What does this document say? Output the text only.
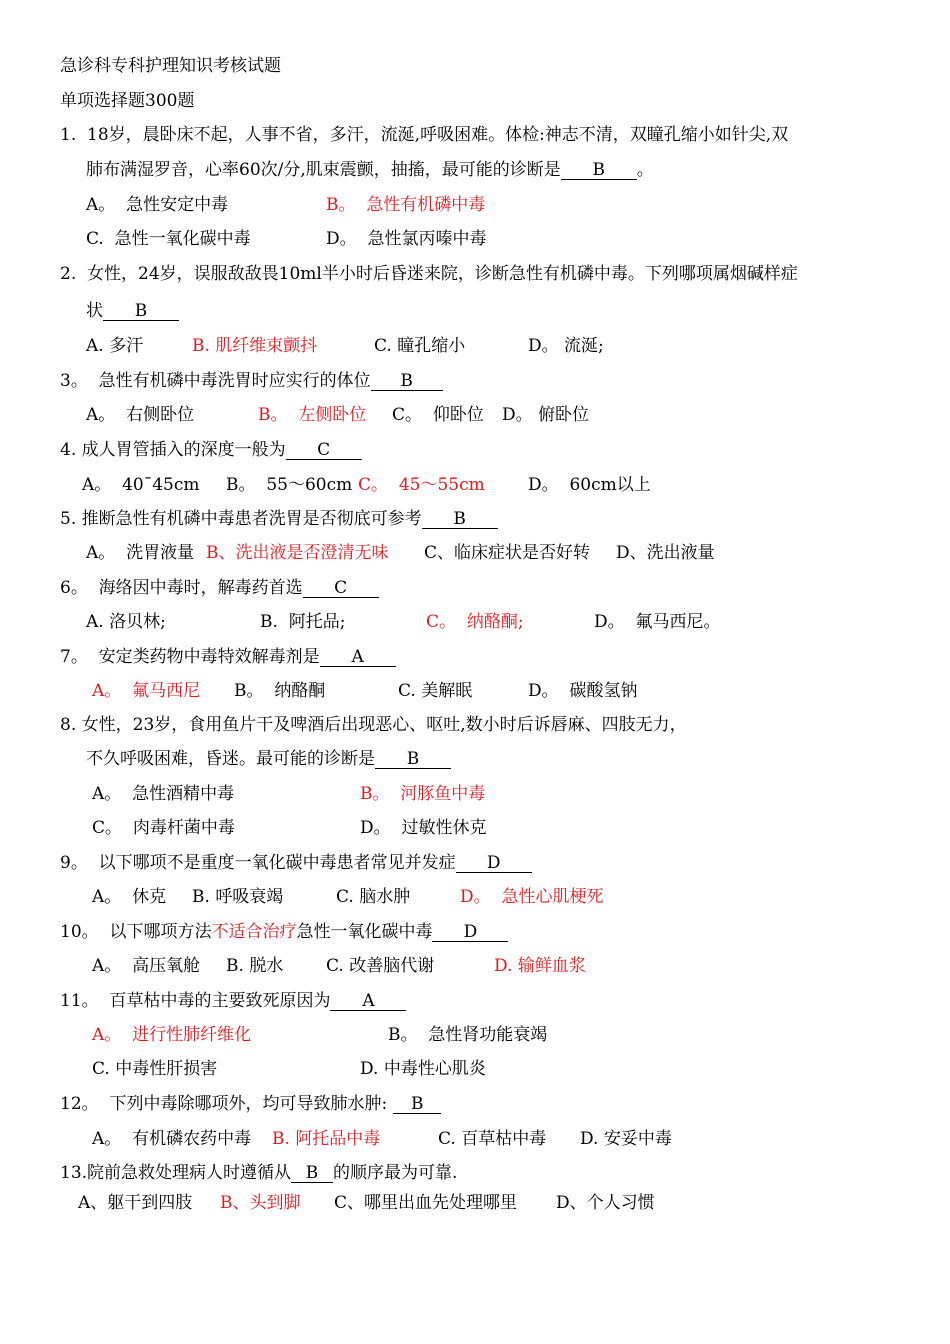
急诊科专科护理知识考核试题
单项选择题300题
1. 18岁，晨卧床不起，人事不省，多汗，流涎,呼吸困难。体检:神志不清，双瞳孔缩小如针尖,双
肺布满湿罗音，心率60次/分,肌束震颤，抽搐，最可能的诊断是 B 。
A。 急性安定中毒	B。 急性有机磷中毒
C. 急性一氧化碳中毒	D。 急性氯丙嗪中毒
2. 女性，24岁，误服敌敌畏10ml半小时后昏迷来院，诊断急性有机磷中毒。下列哪项属烟碱样症
状 B
A. 多汗	B. 肌纤维束颤抖	C. 瞳孔缩小	D。 流涎;
3。 急性有机磷中毒洗胃时应实行的体位 B
A。 右侧卧位	B。 左侧卧位 C。 仰卧位 D。 俯卧位
4. 成人胃管插入的深度一般为 C
A。 40¯45cm B。 55～60cm C。 45～55cm	D。 60cm以上
5. 推断急性有机磷中毒患者洗胃是否彻底可参考 B
A。 洗胃液量 B、洗出液是否澄清无味 C、临床症状是否好转 D、洗出液量
6。 海络因中毒时，解毒药首选 C
A. 洛贝林;	B. 阿托品;	C。 纳酪酮;	D。 氟马西尼。
7。 安定类药物中毒特效解毒剂是 A
A。 氟马西尼 B。 纳酪酮	C. 美解眠	D。 碳酸氢钠
8. 女性，23岁，食用鱼片干及啤酒后出现恶心、呕吐,数小时后诉唇麻、四肢无力，
不久呼吸困难，昏迷。最可能的诊断是 B
A。 急性酒精中毒	B。 河豚鱼中毒
C。 肉毒杆菌中毒	D。 过敏性休克
9。 以下哪项不是重度一氧化碳中毒患者常见并发症 D
A。 休克 B. 呼吸衰竭	C. 脑水肿	D。 急性心肌梗死
10。 以下哪项方法不适合治疗急性一氧化碳中毒 D
A。 高压氧舱 B. 脱水	C. 改善脑代谢	D. 输鲜血浆
11。 百草枯中毒的主要致死原因为 A
A。 进行性肺纤维化	B。 急性肾功能衰竭
C. 中毒性肝损害	D. 中毒性心肌炎
12。 下列中毒除哪项外，均可导致肺水肿: B
A。 有机磷农药中毒 B. 阿托品中毒	C. 百草枯中毒 D. 安妥中毒
13.院前急救处理病人时遵循从 B 的顺序最为可靠.
A、躯干到四肢 B、头到脚 C、哪里出血先处理哪里 D、个人习惯
